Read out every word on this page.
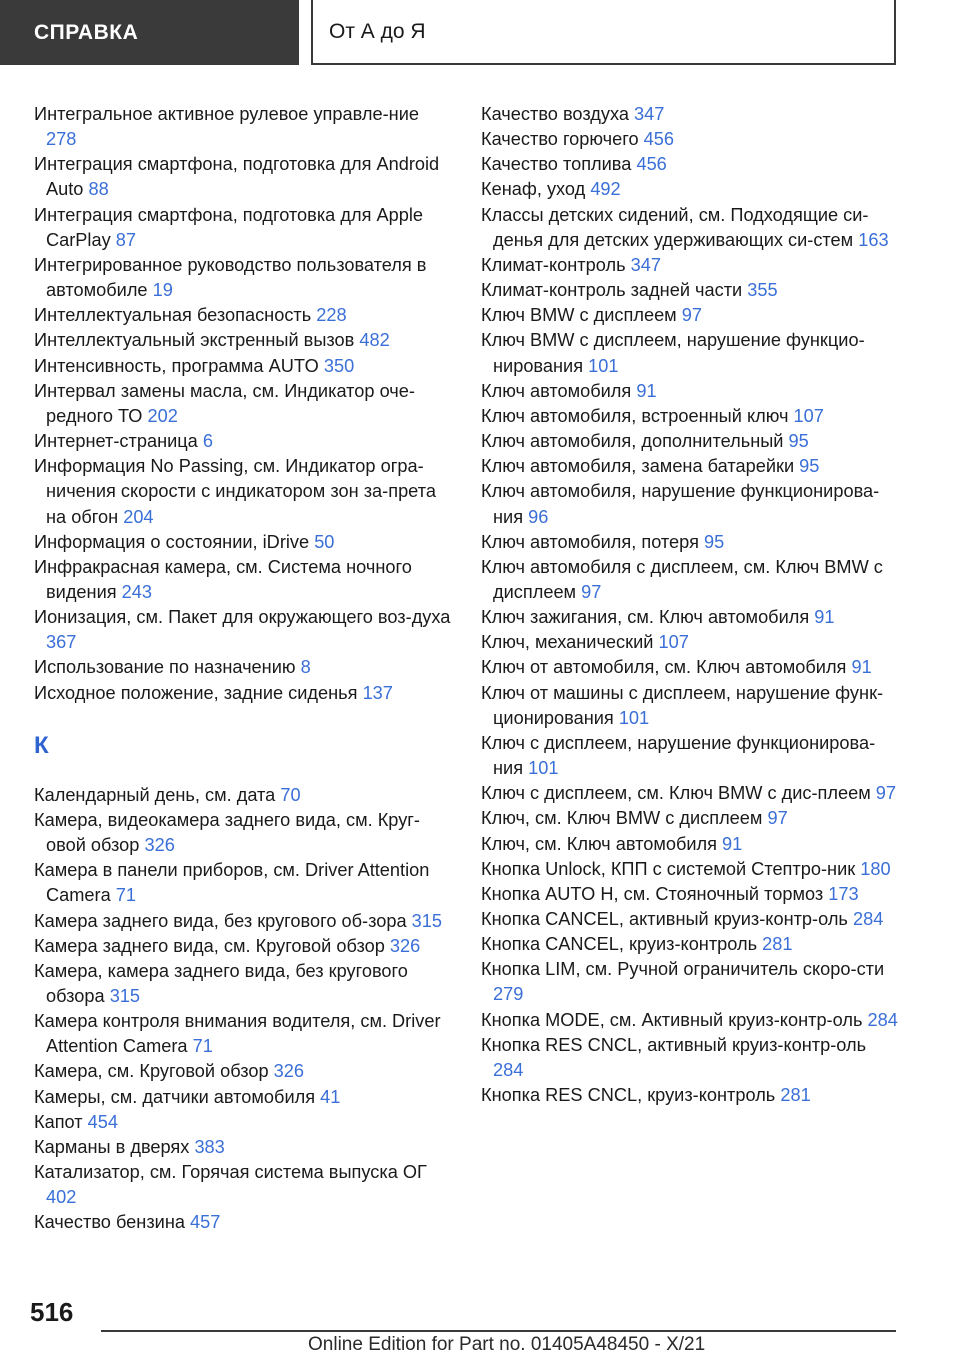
СПРАВКА	От А до Я

Интегральное активное рулевое управле-ние 278

Интеграция смартфона, подготовка для Android Auto 88

Интеграция смартфона, подготовка для Apple CarPlay 87

Интегрированное руководство пользователя в автомобиле 19

Интеллектуальная безопасность 228

Интеллектуальный экстренный вызов 482

Интенсивность, программа AUTO 350

Интервал замены масла, см. Индикатор оче-редного ТО 202

Интернет-страница 6

Информация No Passing, см. Индикатор огра-ничения скорости с индикатором зон за-прета на обгон 204

Информация о состоянии, iDrive 50

Инфракрасная камера, см. Система ночного видения 243

Ионизация, см. Пакет для окружающего воз-духа 367

Использование по назначению 8

Исходное положение, задние сиденья 137

К

Календарный день, см. дата 70

Камера, видеокамера заднего вида, см. Круг-овой обзор 326

Камера в панели приборов, см. Driver Attention Camera 71

Камера заднего вида, без кругового об-зора 315

Камера заднего вида, см. Круговой обзор 326

Камера, камера заднего вида, без кругового обзора 315

Камера контроля внимания водителя, см. Driver Attention Camera 71

Камера, см. Круговой обзор 326

Камеры, см. датчики автомобиля 41

Капот 454

Карманы в дверях 383

Катализатор, см. Горячая система выпуска ОГ 402

Качество бензина 457

Качество воздуха 347

Качество горючего 456

Качество топлива 456

Кенаф, уход 492

Классы детских сидений, см. Подходящие си-денья для детских удерживающих си-стем 163

Климат-контроль 347

Климат-контроль задней части 355

Ключ BMW с дисплеем 97

Ключ BMW с дисплеем, нарушение функцио-нирования 101

Ключ автомобиля 91

Ключ автомобиля, встроенный ключ 107

Ключ автомобиля, дополнительный 95

Ключ автомобиля, замена батарейки 95

Ключ автомобиля, нарушение функционирова-ния 96

Ключ автомобиля, потеря 95

Ключ автомобиля с дисплеем, см. Ключ BMW с дисплеем 97

Ключ зажигания, см. Ключ автомобиля 91

Ключ, механический 107

Ключ от автомобиля, см. Ключ автомобиля 91

Ключ от машины с дисплеем, нарушение функ-ционирования 101

Ключ с дисплеем, нарушение функционирова-ния 101

Ключ с дисплеем, см. Ключ BMW с дис-плеем 97

Ключ, см. Ключ BMW с дисплеем 97

Ключ, см. Ключ автомобиля 91

Кнопка Unlock, КПП с системой Стептро-ник 180

Кнопка AUTO H, см. Стояночный тормоз 173

Кнопка CANCEL, активный круиз-контр-оль 284

Кнопка CANCEL, круиз-контроль 281

Кнопка LIM, см. Ручной ограничитель скоро-сти 279

Кнопка MODE, см. Активный круиз-контр-оль 284

Кнопка RES CNCL, активный круиз-контр-оль 284

Кнопка RES CNCL, круиз-контроль 281

516
Online Edition for Part no. 01405A48450 - X/21
